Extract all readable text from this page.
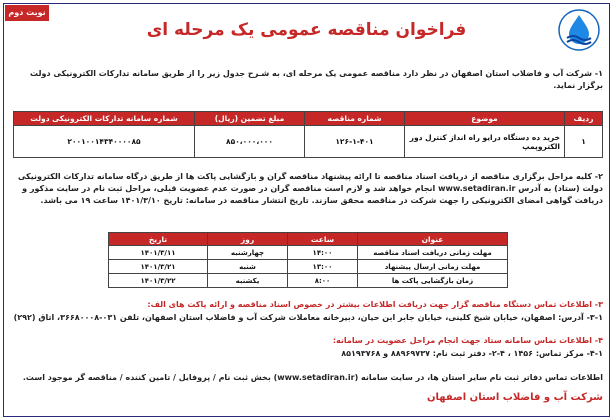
نوبت دوم
فراخوان مناقصه عمومی یک مرحله ای
۱- شرکت آب و فاضلاب استان اصفهان در نظر دارد مناقصه عمومی یک مرحله ای، به شـرح جدول زیر را از طریق سامانه تدارکات الکترونیکی دولت برگزار نماید.
ردیف	موضوع	شماره مناقصه	مبلغ تضمین (ریال)	شماره سامانه تدارکات الکترونیکی دولت
۱	خرید ده دستگاه درایو راه انداز کنترل دور الکتروپمپ	۱۲۶-۱-۴۰۱	۸۵۰،۰۰۰،۰۰۰	۲۰۰۱۰۰۱۴۳۴۰۰۰۰۸۵
۲- کلیه مراحل برگزاری مناقصه از دریافت اسناد مناقصه تا ارائه پیشنهاد مناقصه گران و بازگشایی پاکت ها از طریق درگاه سامانه تدارکات الکترونیکی دولت (ستاد) به آدرس www.setadiran.ir انجام خواهد شد و لازم است مناقصه گران در صورت عدم عضویت قبلی، مراحل ثبت نام در سایت مذکور و دریافت گواهی امضای الکترونیکی را جهت شرکت در مناقصه محقق سازند. تاریخ انتشار مناقصه در سامانه: تاریخ ۱۴۰۱/۳/۱۰ ساعت ۱۹ می باشد.
عنوان	ساعت	روز	تاریخ
مهلت زمانی دریافت اسناد مناقصه	۱۴:۰۰	چهارشنبه	۱۴۰۱/۳/۱۱
مهلت زمانی ارسال پیشنهاد	۱۳:۰۰	شنبه	۱۴۰۱/۳/۲۱
زمان بازگشایی پاکت ها	۸:۰۰	یکشنبه	۱۴۰۱/۳/۲۲
۳- اطلاعات تماس دستگاه مناقصه گزار جهت دریافت اطلاعات بیشتر در خصوص اسناد مناقصه و ارائه پاکت های الف:
۳-۱- آدرس: اصفهان، خیابان شیخ کلینی، خیابان جابر ابن حیان، دبیرخانه معاملات شرکت آب و فاضلاب استان اصفهان، تلفن ۰۳۱-۳۶۶۸۰۰۰۸، اتاق (۲۹۲)
۴- اطلاعات تماس سامانه ستاد جهت انجام مراحل عضویت در سامانه:
۴-۱- مرکز تماس: ۱۴۵۶ ، ۴-۲- دفتر ثبت نام: ۸۸۹۶۹۷۳۷ و ۸۵۱۹۳۷۶۸
اطلاعات تماس دفاتر ثبت نام سایر استان ها، در سایت سامانه (www.setadiran.ir) بخش ثبت نام / پروفایل / تامین کننده / مناقصه گر موجود است.
شرکت آب و فاضلاب استان اصفهان
